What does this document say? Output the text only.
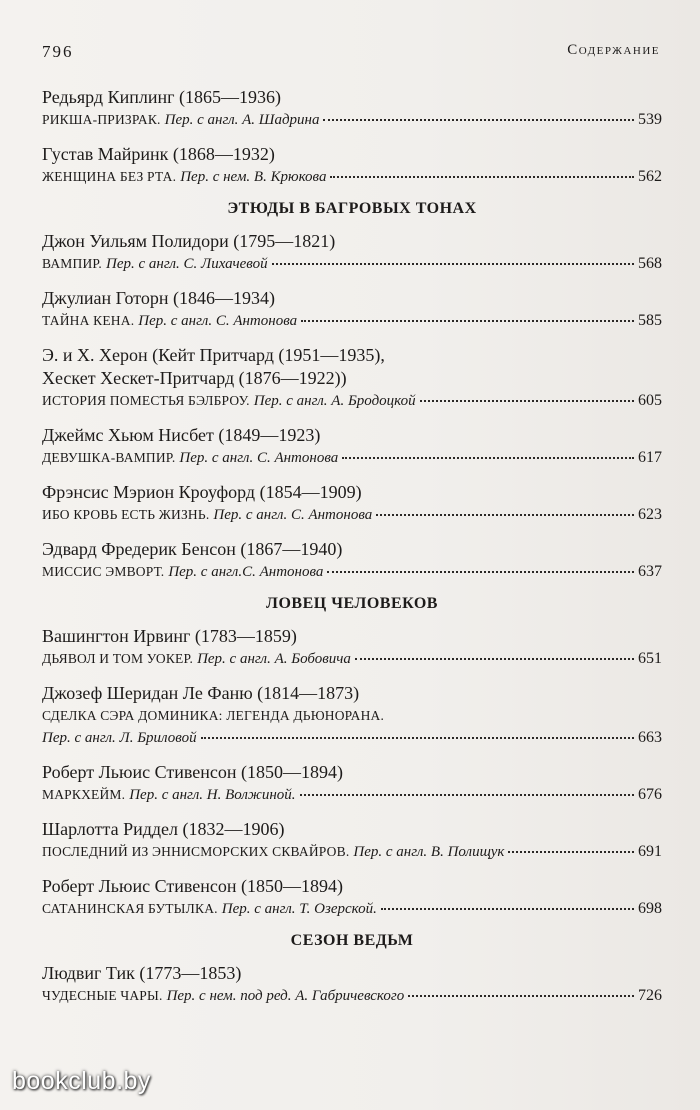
796	Содержание
Редьярд Киплинг (1865—1936)
РИКША-ПРИЗРАК. Пер. с англ. А. Шадрина	539
Густав Майринк (1868—1932)
ЖЕНЩИНА БЕЗ РТА. Пер. с нем. В. Крюкова	562
ЭТЮДЫ В БАГРОВЫХ ТОНАХ
Джон Уильям Полидори (1795—1821)
ВАМПИР. Пер. с англ. С. Лихачевой	568
Джулиан Готорн (1846—1934)
ТАЙНА КЕНА. Пер. с англ. С. Антонова	585
Э. и Х. Херон (Кейт Притчард (1951—1935),
Хескет Хескет-Притчард (1876—1922))
ИСТОРИЯ ПОМЕСТЬЯ БЭЛБРОУ. Пер. с англ. А. Бродоцкой	605
Джеймс Хьюм Нисбет (1849—1923)
ДЕВУШКА-ВАМПИР. Пер. с англ. С. Антонова	617
Фрэнсис Мэрион Кроуфорд (1854—1909)
ИБО КРОВЬ ЕСТЬ ЖИЗНЬ. Пер. с англ. С. Антонова	623
Эдвард Фредерик Бенсон (1867—1940)
МИССИС ЭМВОРТ. Пер. с англ.С. Антонова	637
ЛОВЕЦ ЧЕЛОВЕКОВ
Вашингтон Ирвинг (1783—1859)
ДЬЯВОЛ И ТОМ УОКЕР. Пер. с англ. А. Бобовича	651
Джозеф Шеридан Ле Фаню (1814—1873)
СДЕЛКА СЭРА ДОМИНИКА: ЛЕГЕНДА ДЬЮНОРАНА.
Пер. с англ. Л. Бриловой	663
Роберт Льюис Стивенсон (1850—1894)
МАРКХЕЙМ. Пер. с англ. Н. Волжиной.	676
Шарлотта Риддел (1832—1906)
ПОСЛЕДНИЙ ИЗ ЭННИСМОРСКИХ СКВАЙРОВ. Пер. с англ. В. Полищук	691
Роберт Льюис Стивенсон (1850—1894)
САТАНИНСКАЯ БУТЫЛКА. Пер. с англ. Т. Озерской.	698
СЕЗОН ВЕДЬМ
Людвиг Тик (1773—1853)
ЧУДЕСНЫЕ ЧАРЫ. Пер. с нем. под ред. А. Габричевского	726
bookclub.by
